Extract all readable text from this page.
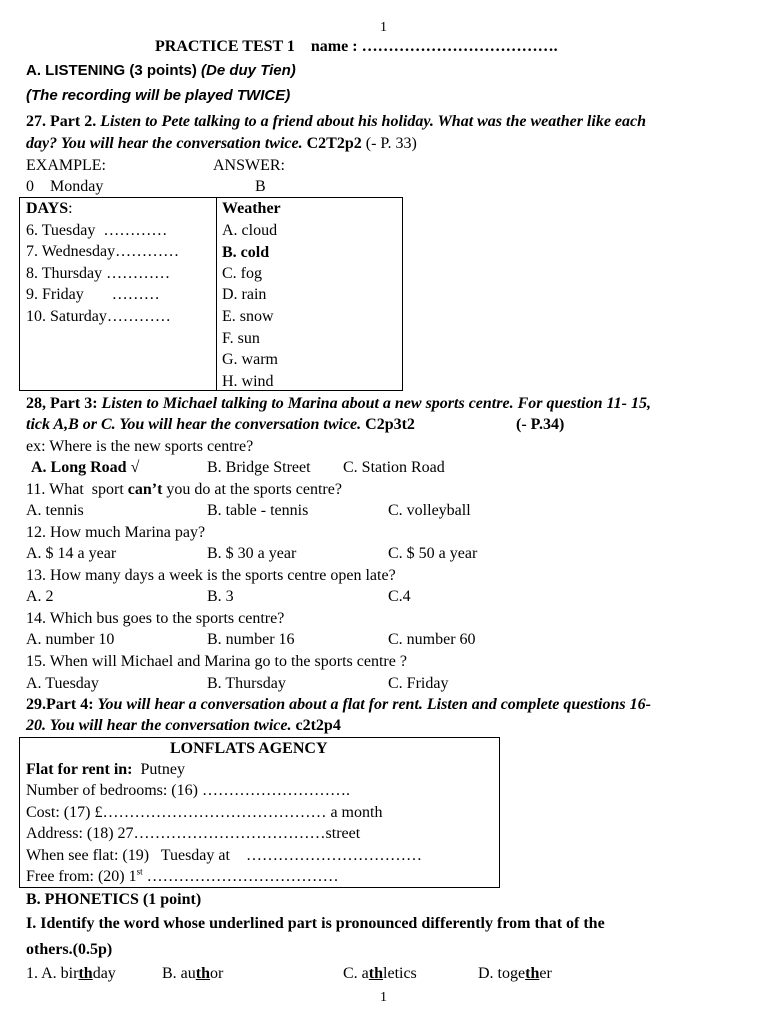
1
PRACTICE TEST 1 name : ……………………………….
A. LISTENING (3 points) (De duy Tien)
(The recording will be played TWICE)
27. Part 2. Listen to Pete talking to a friend about his holiday. What was the weather like each
day? You will hear the conversation twice. C2T2p2 (- P. 33)
EXAMPLE:	ANSWER:
0    Monday	B
DAYS:
6. Tuesday  …………
7. Wednesday…………
8. Thursday …………
9. Friday       ………
10. Saturday…………
Weather
A. cloud
B. cold
C. fog
D. rain
E. snow
F. sun
G. warm
H. wind
28, Part 3: Listen to Michael talking to Marina about a new sports centre. For question 11- 15,
tick A,B or C. You will hear the conversation twice. C2p3t2	(- P.34)
ex: Where is the new sports centre?
A. Long Road √	B. Bridge Street C. Station Road
11. What  sport can’t you do at the sports centre?
A. tennis	B. table - tennis	C. volleyball
12. How much Marina pay?
A. $ 14 a year	B. $ 30 a year	C. $ 50 a year
13. How many days a week is the sports centre open late?
A. 2	B. 3	C.4
14. Which bus goes to the sports centre?
A. number 10	B. number 16	C. number 60
15. When will Michael and Marina go to the sports centre ?
A. Tuesday	B. Thursday	C. Friday
29.Part 4: You will hear a conversation about a flat for rent. Listen and complete questions 16-
20. You will hear the conversation twice. c2t2p4
LONFLATS AGENCY
Flat for rent in:  Putney
Number of bedrooms: (16) ……………………….
Cost: (17) £…………………………………… a month
Address: (18) 27………………………………street
When see flat: (19)   Tuesday at    ……………………………
Free from: (20) 1st ………………………………
B. PHONETICS (1 point)
I. Identify the word whose underlined part is pronounced differently from that of the
others.(0.5p)
1. A. birthday	B. author	C. athletics	D. together
1
